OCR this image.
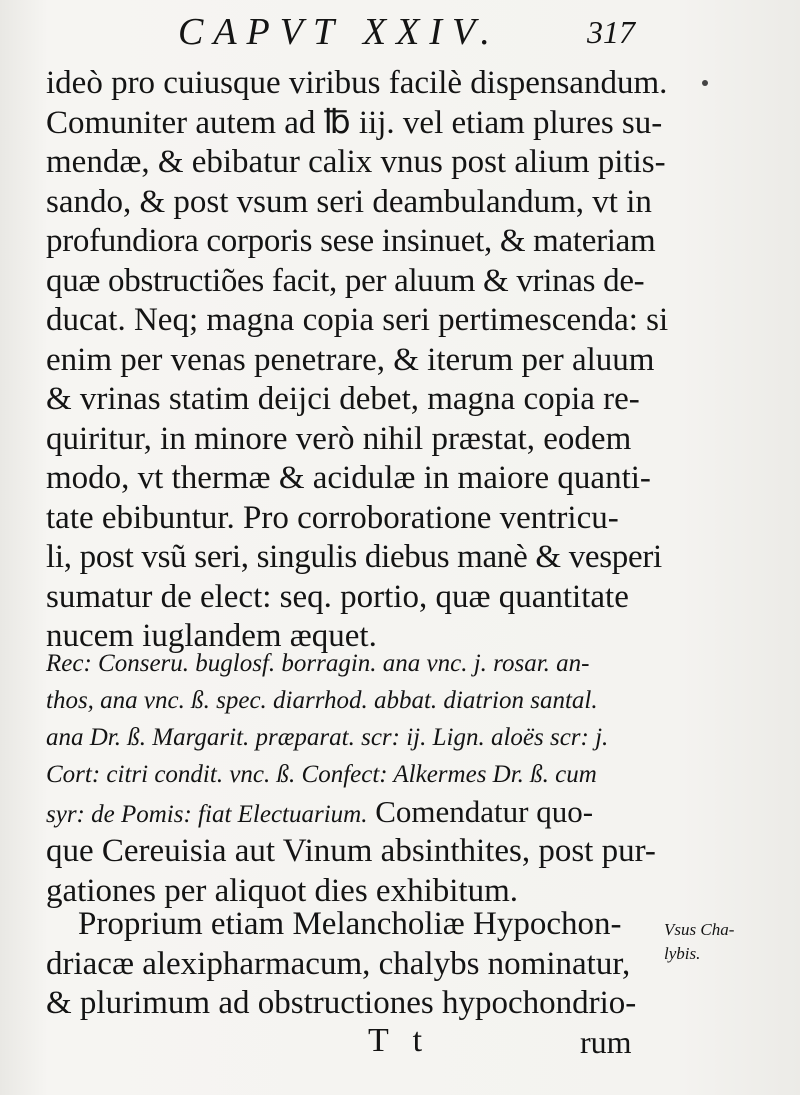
CAPVT XXIV.	317
ideò pro cuiusque viribus facilè dispensandum.
Comuniter autem ad ℔ iij. vel etiam plures su-
mendæ, & ebibatur calix vnus post alium pitis-
sando, & post vsum seri deambulandum, vt in
profundiora corporis sese insinuet, & materiam
quæ obstructiões facit, per aluum & vrinas de-
ducat. Neq; magna copia seri pertimescenda: si
enim per venas penetrare, & iterum per aluum
& vrinas statim deijci debet, magna copia re-
quiritur, in minore verò nihil præstat, eodem
modo, vt thermæ & acidulæ in maiore quanti-
tate ebibuntur. Pro corroboratione ventricu-
li, post vsũ seri, singulis diebus manè & vesperi
sumatur de elect: seq. portio, quæ quantitate
nucem iuglandem æquet.
Rec: Conseru. buglosf. borragin. ana vnc. j. rosar. an-
thos, ana vnc. ß. spec. diarrhod. abbat. diatrion santal.
ana Dr. ß. Margarit. præparat. scr: ij. Lign. aloës scr: j.
Cort: citri condit. vnc. ß. Confect: Alkermes Dr. ß. cum
syr: de Pomis: fiat Electuarium. Comendatur quo-
que Cereuisia aut Vinum absinthites, post pur-
gationes per aliquot dies exhibitum.
Proprium etiam Melancholiæ Hypochon-
driacæ alexipharmacum, chalybs nominatur,
& plurimum ad obstructiones hypochondrio-
Vsus Cha-
lybis.
T t	rum
